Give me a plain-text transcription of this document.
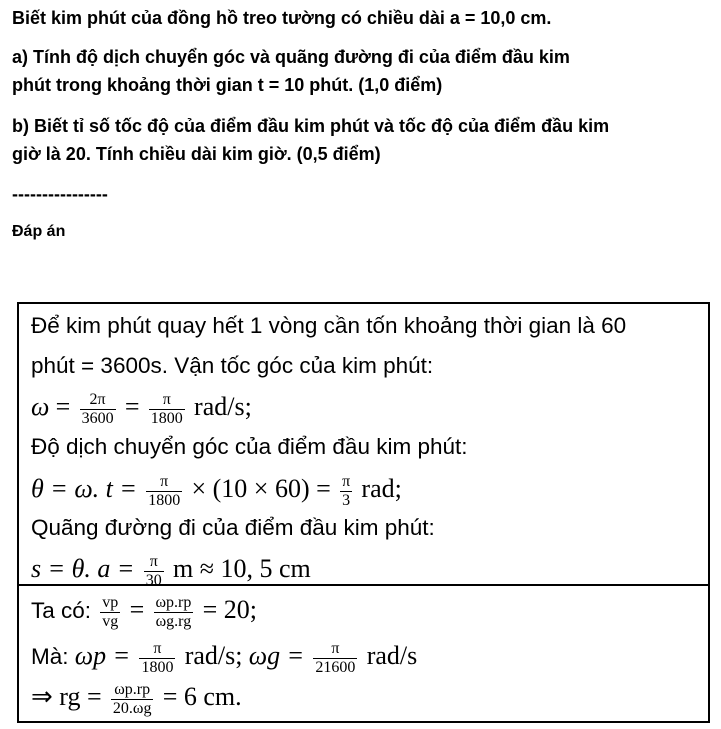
Biết kim phút của đồng hồ treo tường có chiều dài a = 10,0 cm.
a) Tính độ dịch chuyển góc và quãng đường đi của điểm đầu kim
phút trong khoảng thời gian t = 10 phút. (1,0 điểm)
b) Biết tỉ số tốc độ của điểm đầu kim phút và tốc độ của điểm đầu kim
giờ là 20. Tính chiều dài kim giờ. (0,5 điểm)
----------------
Đáp án
Để kim phút quay hết 1 vòng cần tốn khoảng thời gian là 60
phút = 3600s. Vận tốc góc của kim phút:
$\omega = \frac{2\pi}{3600} = \frac{\pi}{1800} rad/s$;
Độ dịch chuyển góc của điểm đầu kim phút:
θ = ω. $t = \frac{\pi}{1800} \times (10 \times 60) = \frac{\pi}{3}$ rad;
Quãng đường đi của điểm đầu kim phút:
s = θ. $a = \frac{\pi}{30}$ m ≈ 10, 5 cm
Ta có: $\frac{vp}{vg} = \frac{\omega p.rp}{\omega g.rg} = 20$;
Mà: $\omega p = \frac{\pi}{1800} rad/s$; $\omega g = \frac{\pi}{21600} rad/s$
⇒ rg = $\frac{\omega p.rp}{20.\omega g} = 6$ cm.
